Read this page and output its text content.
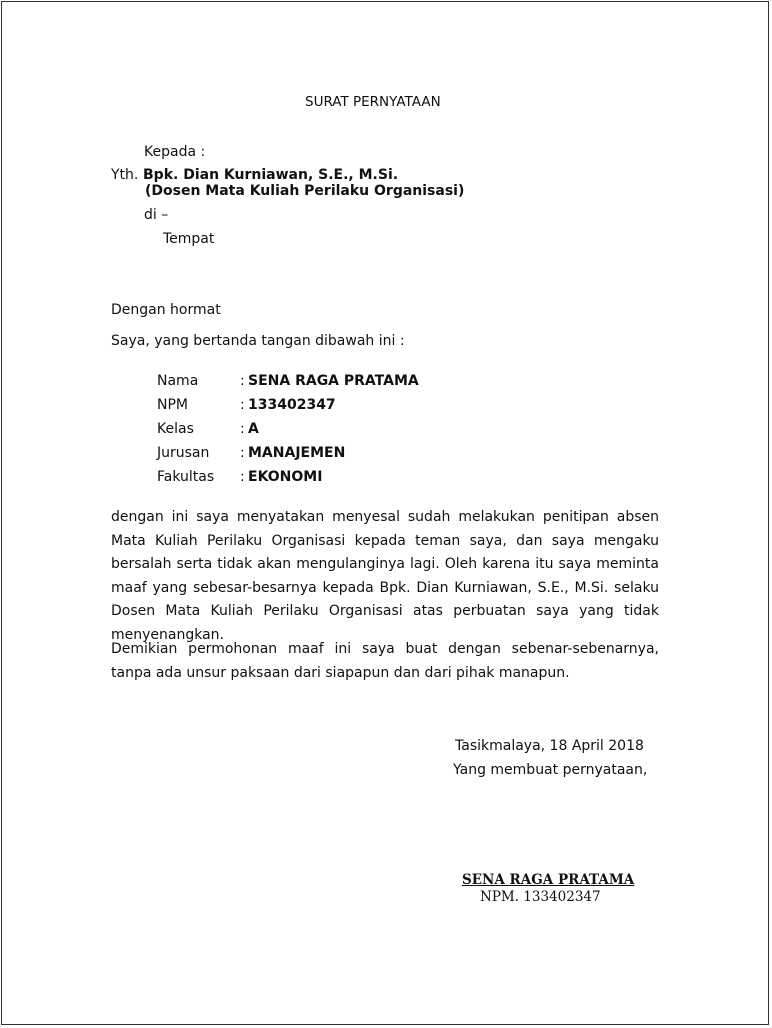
SURAT PERNYATAAN
Kepada :
Yth. Bpk. Dian Kurniawan, S.E., M.Si.
(Dosen Mata Kuliah Perilaku Organisasi)
di –
Tempat
Dengan hormat
Saya, yang bertanda tangan dibawah ini :
Nama	: SENA RAGA PRATAMA
NPM	: 133402347
Kelas	: A
Jurusan : MANAJEMEN
Fakultas : EKONOMI
dengan ini saya menyatakan menyesal sudah melakukan penitipan absen Mata Kuliah Perilaku Organisasi kepada teman saya, dan saya mengaku bersalah serta tidak akan mengulanginya lagi. Oleh karena itu saya meminta maaf yang sebesar-besarnya kepada Bpk. Dian Kurniawan, S.E., M.Si. selaku Dosen Mata Kuliah Perilaku Organisasi atas perbuatan saya yang tidak menyenangkan.
Demikian permohonan maaf ini saya buat dengan sebenar-sebenarnya, tanpa ada unsur paksaan dari siapapun dan dari pihak manapun.
Tasikmalaya, 18 April 2018
Yang membuat pernyataan,
SENA RAGA PRATAMA
NPM. 133402347
